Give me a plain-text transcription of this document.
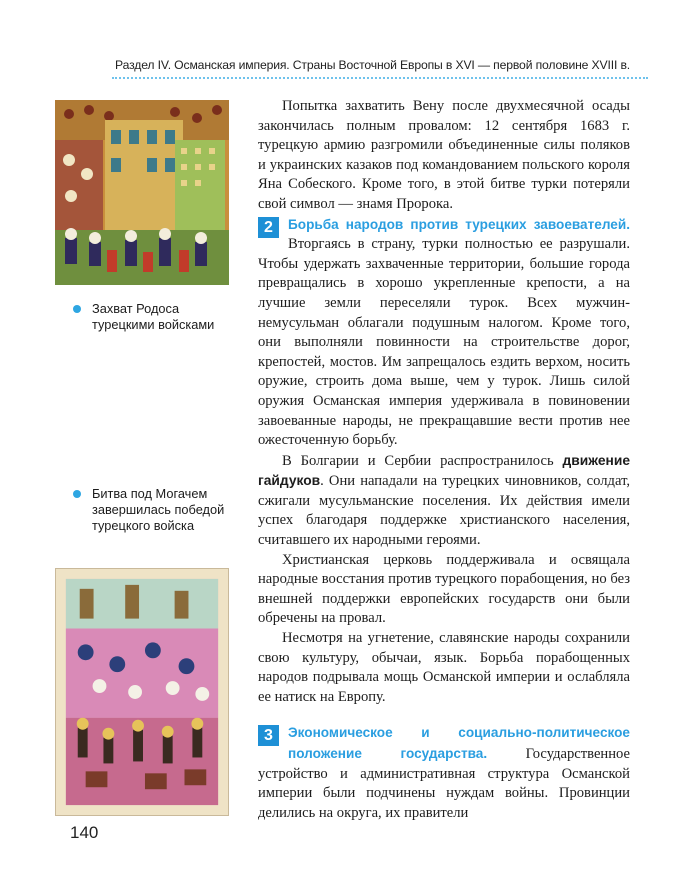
Раздел IV. Османская империя. Страны Восточной Европы в XVI — первой половине XVIII в.
Захват Родоса турецкими войсками
Битва под Могачем завершилась победой турецкого войска

Попытка захватить Вену после двухмесячной осады закончилась полным провалом: 12 сентября 1683 г. турецкую армию разгромили объединенные силы поляков и украинских казаков под командованием польского короля Яна Собеского. Кроме того, в этой битве турки потеряли свой символ — знамя Пророка.

2	Борьба народов против турецких завоевателей. Вторгаясь в страну, турки полностью ее разрушали. Чтобы удержать захваченные территории, большие города превращались в хорошо укрепленные крепости, а на лучшие земли переселяли турок. Всех мужчин-немусульман облагали подушным налогом. Кроме того, они выполняли повинности на строительстве дорог, крепостей, мостов. Им запрещалось ездить верхом, носить оружие, строить дома выше, чем у турок. Лишь силой оружия Османская империя удерживала в повиновении завоеванные народы, не прекращавшие вести против нее ожесточенную борьбу.

В Болгарии и Сербии распространилось движение гайдуков. Они нападали на турецких чиновников, солдат, сжигали мусульманские поселения. Их действия имели успех благодаря поддержке христианского населения, считавшего их народными героями.

Христианская церковь поддерживала и освящала народные восстания против турецкого порабощения, но без внешней поддержки европейских государств они были обречены на провал.

Несмотря на угнетение, славянские народы сохранили свою культуру, обычаи, язык. Борьба порабощенных народов подрывала мощь Османской империи и ослабляла ее натиск на Европу.

3	Экономическое и социально-политическое положение государства. Государственное устройство и административная структура Османской империи были подчинены нуждам войны. Провинции делились на округа, их правители

140
